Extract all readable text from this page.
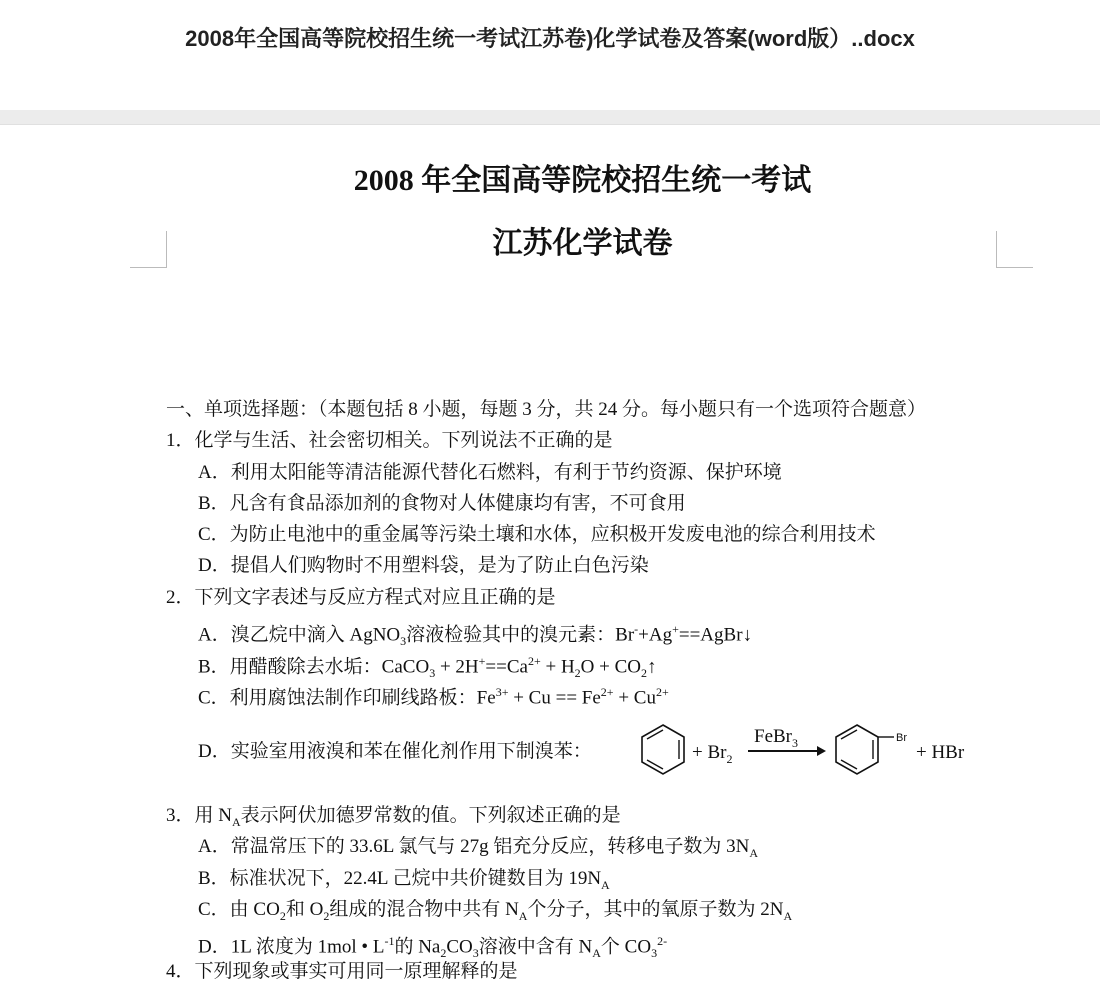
2008年全国高等院校招生统一考试江苏卷)化学试卷及答案(word版）..docx
2008 年全国高等院校招生统一考试
江苏化学试卷
一、单项选择题：（本题包括 8 小题，每题 3 分，共 24 分。每小题只有一个选项符合题意）
1．化学与生活、社会密切相关。下列说法不正确的是
A．利用太阳能等清洁能源代替化石燃料，有利于节约资源、保护环境
B．凡含有食品添加剂的食物对人体健康均有害，不可食用
C．为防止电池中的重金属等污染土壤和水体，应积极开发废电池的综合利用技术
D．提倡人们购物时不用塑料袋，是为了防止白色污染
2．下列文字表述与反应方程式对应且正确的是
A．溴乙烷中滴入 AgNO$_3$溶液检验其中的溴元素：Br-+Ag+==AgBr↓
B．用醋酸除去水垢：CaCO$_3$ + $2H^+==Ca^{2+} + H_2O$ + $CO_2↑$
C．利用腐蚀法制作印刷线路板：$Fe^{3+} + Cu == Fe^{2+} + Cu^{2+}$
D．实验室用液溴和苯在催化剂作用下制溴苯：	+ $Br_2$
FeBr$_3$	Br
+ HBr
3．用 $N_A$表示阿伏加德罗常数的值。下列叙述正确的是
A．常温常压下的 33.6L 氯气与 27g 铝充分反应，转移电子数为 $3N_A$
B．标准状况下，22.4L 己烷中共价键数目为 $19N_A$
C．由 $CO_2$和 $O_2$组成的混合物中共有 $N_A$个分子，其中的氧原子数为 $2N_A$
D．1L 浓度为 1mol • $L^{-1}$的 $Na_2CO_3$溶液中含有 $N_A$个 $CO_3^{2-}$
4．下列现象或事实可用同一原理解释的是
